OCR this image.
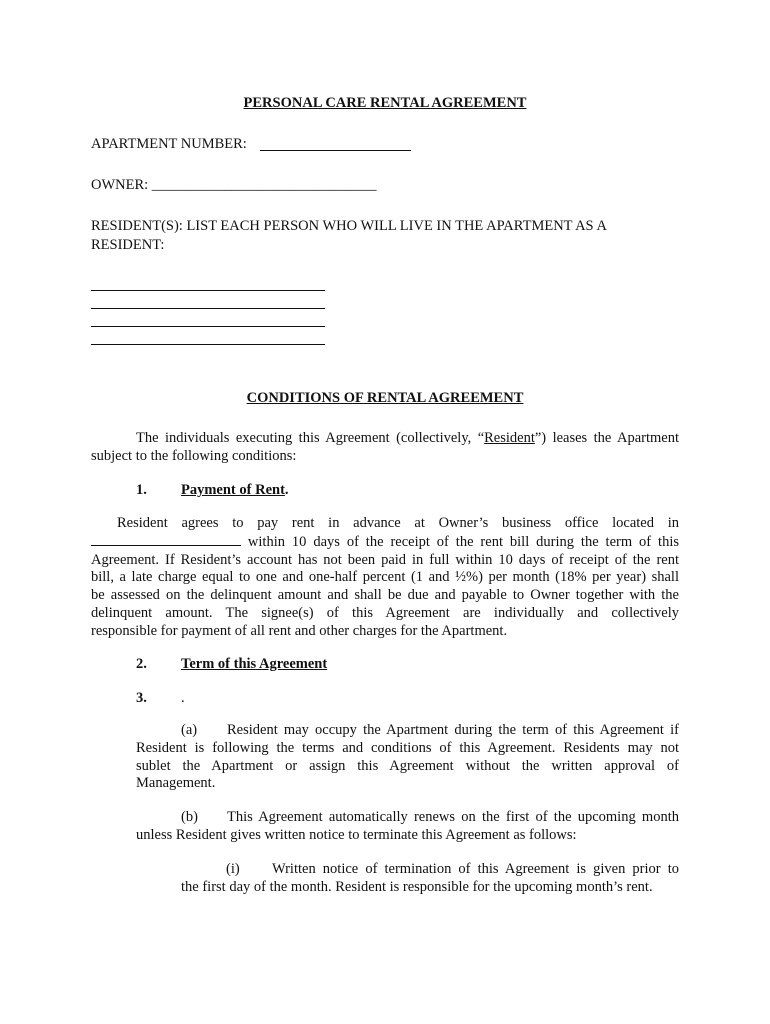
PERSONAL CARE RENTAL AGREEMENT
APARTMENT NUMBER:
OWNER: _______________________________
RESIDENT(S): LIST EACH PERSON WHO WILL LIVE IN THE APARTMENT AS A
RESIDENT:
CONDITIONS OF RENTAL AGREEMENT
The individuals executing this Agreement (collectively, “Resident”) leases the Apartment
subject to the following conditions:
1. Payment of Rent.
Resident agrees to pay rent in advance at Owner’s business office located in
within 10 days of the receipt of the rent bill during the term of this
Agreement. If Resident’s account has not been paid in full within 10 days of receipt of the rent
bill, a late charge equal to one and one-half percent (1 and ½%) per month (18% per year) shall
be assessed on the delinquent amount and shall be due and payable to Owner together with the
delinquent amount. The signee(s) of this Agreement are individually and collectively
responsible for payment of all rent and other charges for the Apartment.
2. Term of this Agreement
3. .
(a) Resident may occupy the Apartment during the term of this Agreement if
Resident is following the terms and conditions of this Agreement. Residents may not
sublet the Apartment or assign this Agreement without the written approval of
Management.
(b) This Agreement automatically renews on the first of the upcoming month
unless Resident gives written notice to terminate this Agreement as follows:
(i) Written notice of termination of this Agreement is given prior to
the first day of the month. Resident is responsible for the upcoming month’s rent.
